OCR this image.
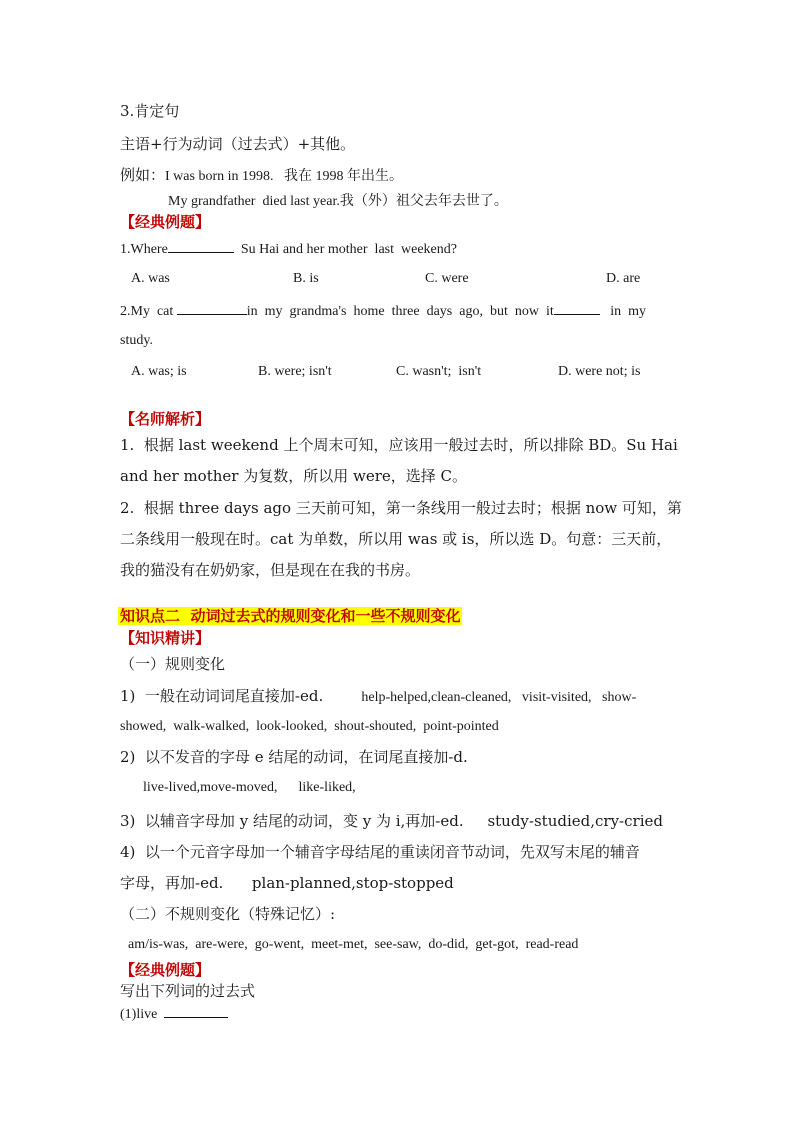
3.肯定句
主语+行为动词（过去式）+其他。
例如：I was born in 1998.   我在 1998 年出生。
My grandfather  died last year.我（外）祖父去年去世了。
【经典例题】
1.Where	Su Hai and her mother  last  weekend?
A. was	B. is	C. were	D. are
2.My  cat	in  my  grandma's  home  three  days  ago,  but  now  it	in  my
study.
A. was; is	B. were; isn't	C. wasn't;  isn't	D. were not; is
【名师解析】
1.  根据 last weekend 上个周末可知，应该用一般过去时，所以排除 BD。Su Hai
and her mother 为复数，所以用 were，选择 C。
2.  根据 three days ago 三天前可知，第一条线用一般过去时；根据 now 可知，第
二条线用一般现在时。cat 为单数，所以用 was 或 is，所以选 D。句意：三天前，
我的猫没有在奶奶家，但是现在在我的书房。
知识点二  动词过去式的规则变化和一些不规则变化
【知识精讲】
（一）规则变化
1)  一般在动词词尾直接加-ed.	help-helped,clean-cleaned,   visit-visited,   show-
showed,  walk-walked,  look-looked,  shout-shouted,  point-pointed
2)  以不发音的字母 e 结尾的动词，在词尾直接加-d.
live-lived,move-moved,      like-liked,
3)  以辅音字母加 y 结尾的动词，变 y 为 i,再加-ed.     study-studied,cry-cried
4)  以一个元音字母加一个辅音字母结尾的重读闭音节动词，先双写末尾的辅音
字母，再加-ed.      plan-planned,stop-stopped
（二）不规则变化（特殊记忆）:
am/is-was,  are-were,  go-went,  meet-met,  see-saw,  do-did,  get-got,  read-read
【经典例题】
写出下列词的过去式
(1)live
